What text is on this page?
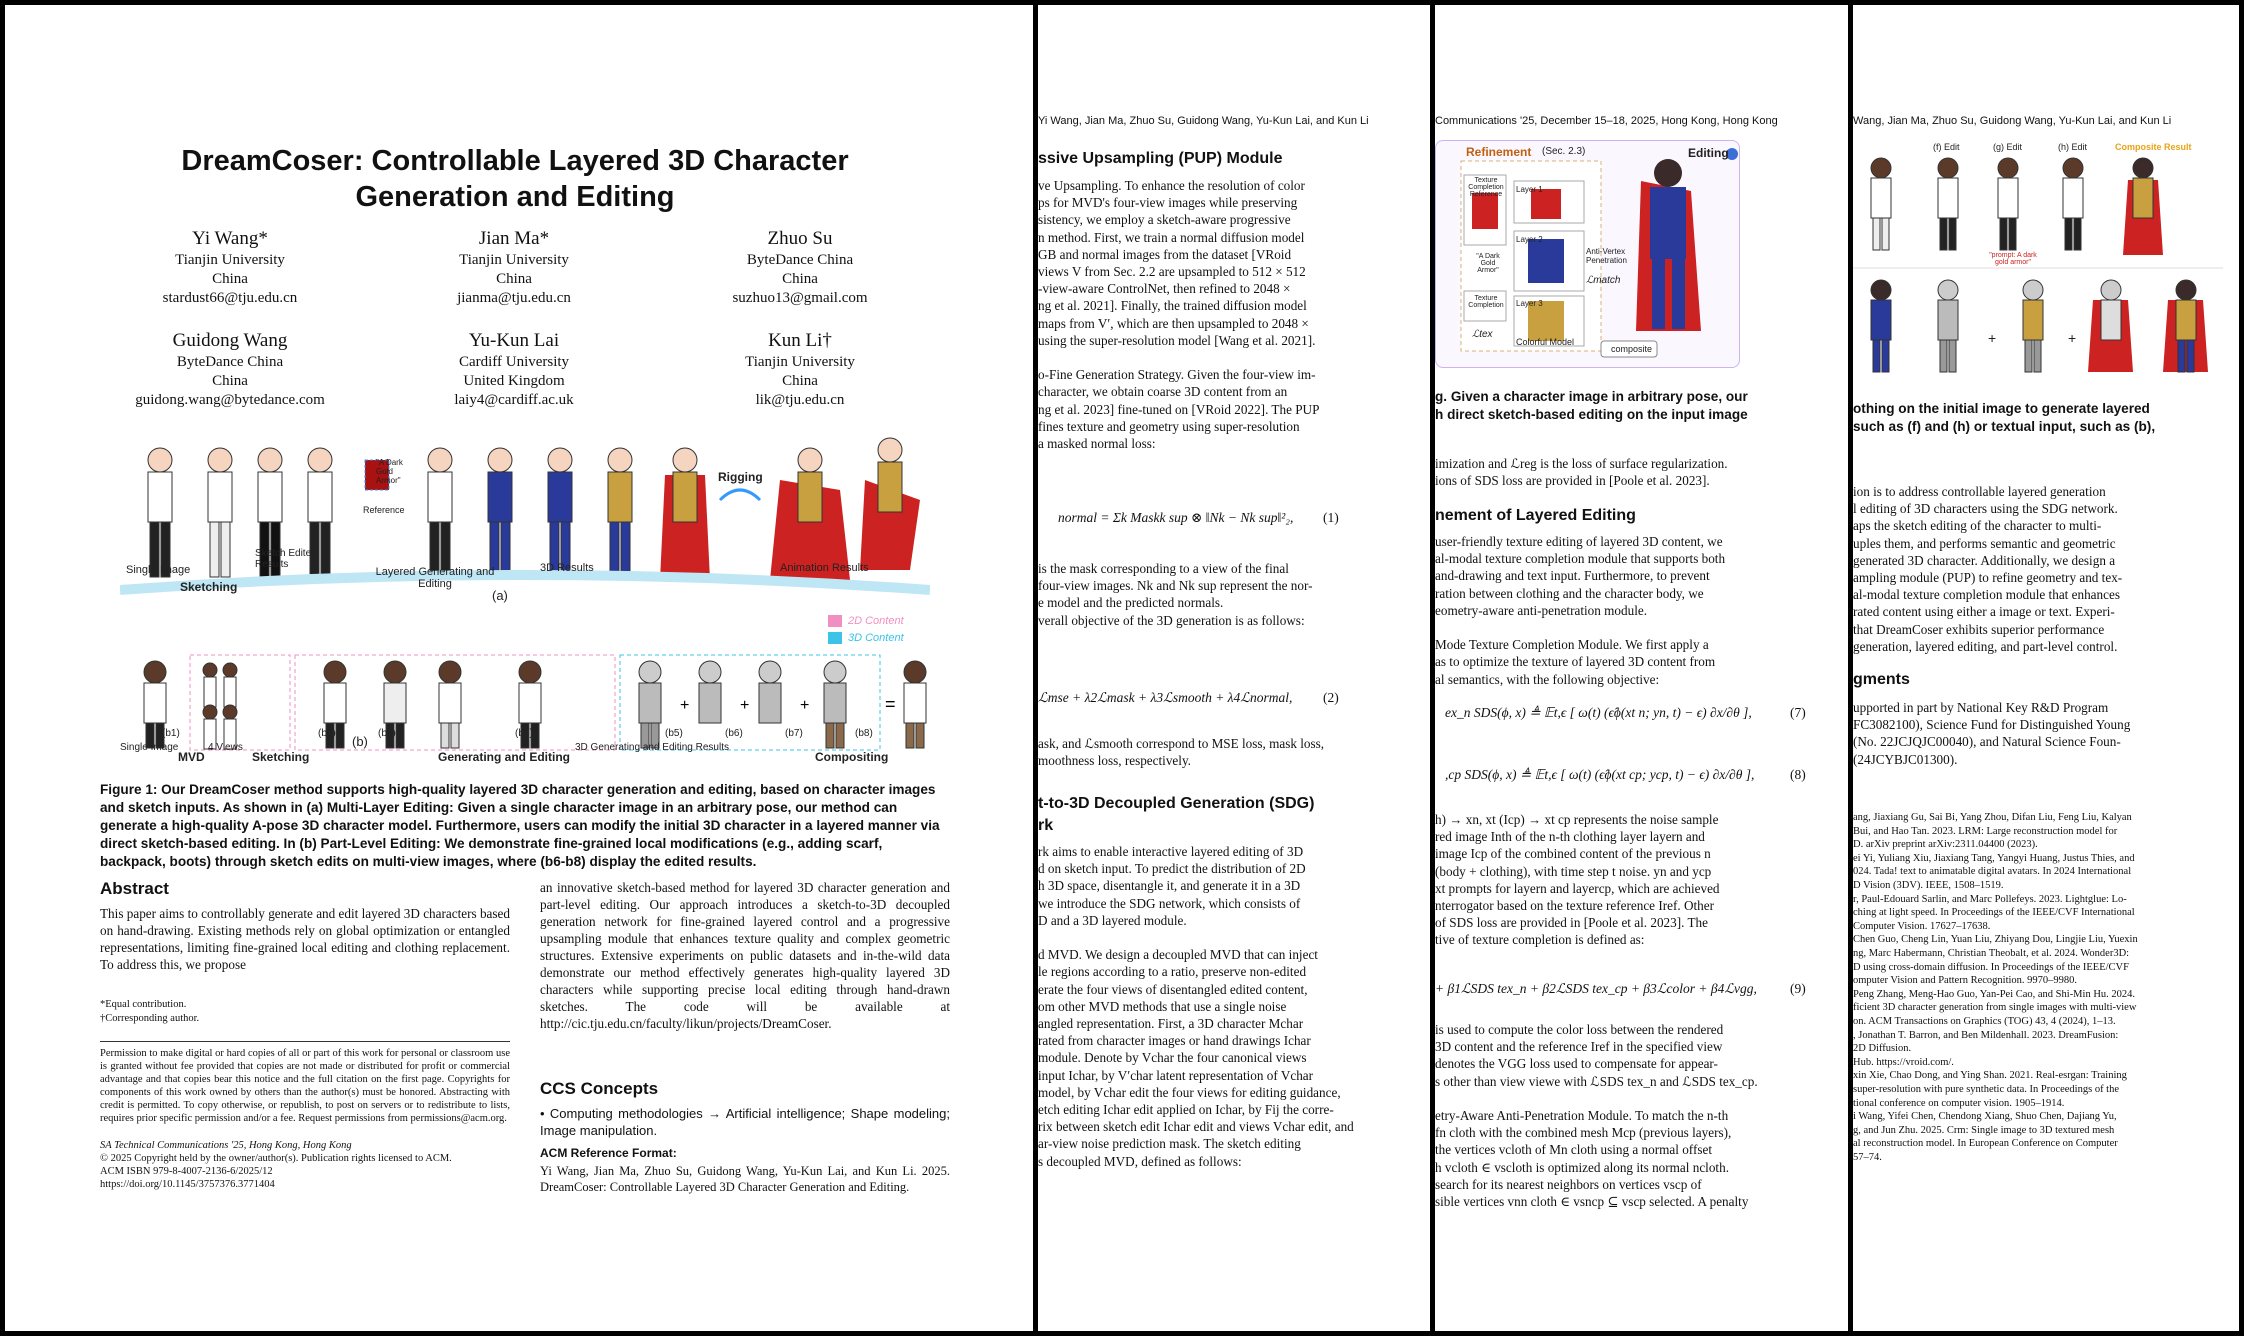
DreamCoser: Controllable Layered 3D Character Generation and Editing
Yi Wang*
Tianjin University
China
stardust66@tju.edu.cn
Jian Ma*
Tianjin University
China
jianma@tju.edu.cn
Zhuo Su
ByteDance China
China
suzhuo13@gmail.com
Guidong Wang
ByteDance China
China
guidong.wang@bytedance.com
Yu-Kun Lai
Cardiff University
United Kingdom
laiy4@cardiff.ac.uk
Kun Li†
Tianjin University
China
lik@tju.edu.cn
Single Image
Sketching
Sketch Edited Results
Reference
"A Dark Gold Armor"
Layered Generating and Editing
(a)
3D Results
Rigging
Animation Results
2D Content
3D Content
+	+	+	=
Single Image
MVD
4 Views
Sketching
(b)
Generating and Editing
3D Generating and Editing Results
Compositing
(b1)	(b2)	(b3)	(b4)	(b5)	(b6)	(b7)	(b8)
Figure 1: Our DreamCoser method supports high-quality layered 3D character generation and editing, based on character images and sketch inputs. As shown in (a) Multi-Layer Editing: Given a single character image in an arbitrary pose, our method can generate a high-quality A-pose 3D character model. Furthermore, users can modify the initial 3D character in a layered manner via direct sketch-based editing. In (b) Part-Level Editing: We demonstrate fine-grained local modifications (e.g., adding scarf, backpack, boots) through sketch edits on multi-view images, where (b6-b8) display the edited results.
Abstract
This paper aims to controllably generate and edit layered 3D characters based on hand-drawing. Existing methods rely on global optimization or entangled representations, limiting fine-grained local editing and clothing replacement. To address this, we propose
an innovative sketch-based method for layered 3D character generation and part-level editing. Our approach introduces a sketch-to-3D decoupled generation network for fine-grained layered control and a progressive upsampling module that enhances texture quality and complex geometric structures. Extensive experiments on public datasets and in-the-wild data demonstrate our method effectively generates high-quality layered 3D characters while supporting precise local editing through hand-drawn sketches. The code will be available at http://cic.tju.edu.cn/faculty/likun/projects/DreamCoser.
*Equal contribution.
†Corresponding author.
Permission to make digital or hard copies of all or part of this work for personal or classroom use is granted without fee provided that copies are not made or distributed for profit or commercial advantage and that copies bear this notice and the full citation on the first page. Copyrights for components of this work owned by others than the author(s) must be honored. Abstracting with credit is permitted. To copy otherwise, or republish, to post on servers or to redistribute to lists, requires prior specific permission and/or a fee. Request permissions from permissions@acm.org.
SA Technical Communications '25, Hong Kong, Hong Kong
© 2025 Copyright held by the owner/author(s). Publication rights licensed to ACM.
ACM ISBN 979-8-4007-2136-6/2025/12
https://doi.org/10.1145/3757376.3771404
CCS Concepts
• Computing methodologies → Artificial intelligence; Shape modeling; Image manipulation.
ACM Reference Format:
Yi Wang, Jian Ma, Zhuo Su, Guidong Wang, Yu-Kun Lai, and Kun Li. 2025. DreamCoser: Controllable Layered 3D Character Generation and Editing.
Yi Wang, Jian Ma, Zhuo Su, Guidong Wang, Yu-Kun Lai, and Kun Li
ssive Upsampling (PUP) Module
ve Upsampling. To enhance the resolution of color
ps for MVD's four-view images while preserving
sistency, we employ a sketch-aware progressive
n method. First, we train a normal diffusion model
GB and normal images from the dataset [VRoid
views V from Sec. 2.2 are upsampled to 512 × 512
-view-aware ControlNet, then refined to 2048 ×
ng et al. 2021]. Finally, the trained diffusion model
maps from V′, which are then upsampled to 2048 ×
using the super-resolution model [Wang et al. 2021].
o-Fine Generation Strategy. Given the four-view im-
character, we obtain coarse 3D content from an
ng et al. 2023] fine-tuned on [VRoid 2022]. The PUP
fines texture and geometry using super-resolution
a masked normal loss:
normal = Σk Maskk sup ⊗ ‖Nk − Nk sup‖²₂, (1)
is the mask corresponding to a view of the final
four-view images. Nk and Nk sup represent the nor-
e model and the predicted normals.
verall objective of the 3D generation is as follows:
ℒmse + λ2ℒmask + λ3ℒsmooth + λ4ℒnormal, (2)
ask, and ℒsmooth correspond to MSE loss, mask loss,
moothness loss, respectively.
t-to-3D Decoupled Generation (SDG)
rk
rk aims to enable interactive layered editing of 3D
d on sketch input. To predict the distribution of 2D
h 3D space, disentangle it, and generate it in a 3D
we introduce the SDG network, which consists of
D and a 3D layered module.
d MVD. We design a decoupled MVD that can inject
le regions according to a ratio, preserve non-edited
erate the four views of disentangled edited content,
om other MVD methods that use a single noise
angled representation. First, a 3D character Mchar
rated from character images or hand drawings Ichar
module. Denote by Vchar the four canonical views
input Ichar, by V′char latent representation of Vchar
model, by Vchar edit the four views for editing guidance,
etch editing Ichar edit applied on Ichar, by Fij the corre-
rix between sketch edit Ichar edit and views Vchar edit, and
ar-view noise prediction mask. The sketch editing
s decoupled MVD, defined as follows:
Communications '25, December 15–18, 2025, Hong Kong, Hong Kong
Refinement (Sec. 2.3)	Editing
Texture Completion Reference
"A Dark Gold Armor"
Layer 1
Layer 2
Layer 3
Anti-Vertex Penetration
ℒmatch
Texture Completion
Colorful Model
ℒtex
composite
g. Given a character image in arbitrary pose, our
h direct sketch-based editing on the input image
imization and ℒreg is the loss of surface regularization.
ions of SDS loss are provided in [Poole et al. 2023].
nement of Layered Editing
user-friendly texture editing of layered 3D content, we
al-modal texture completion module that supports both
and-drawing and text input. Furthermore, to prevent
ration between clothing and the character body, we
eometry-aware anti-penetration module.
Mode Texture Completion Module. We first apply a
as to optimize the texture of layered 3D content from
al semantics, with the following objective:
ex_n SDS(ϕ, x) ≜ 𝔼t,ϵ [ ω(t) (ϵ̂ϕ(xt n; yn, t) − ϵ) ∂x/∂θ ],	(7)
,cp SDS(ϕ, x) ≜ 𝔼t,ϵ [ ω(t) (ϵ̂ϕ(xt cp; ycp, t) − ϵ) ∂x/∂θ ],	(8)
h) → xn, xt (Icp) → xt cp represents the noise sample
red image Inth of the n-th clothing layer layern and
image Icp of the combined content of the previous n
(body + clothing), with time step t noise. yn and ycp
xt prompts for layern and layercp, which are achieved
nterrogator based on the texture reference Iref. Other
of SDS loss are provided in [Poole et al. 2023]. The
tive of texture completion is defined as:
+ β1ℒSDS tex_n + β2ℒSDS tex_cp + β3ℒcolor + β4ℒvgg, (9)
is used to compute the color loss between the rendered
3D content and the reference Iref in the specified view
denotes the VGG loss used to compensate for appear-
s other than view viewe with ℒSDS tex_n and ℒSDS tex_cp.
etry-Aware Anti-Penetration Module. To match the n-th
fn cloth with the combined mesh Mcp (previous layers),
the vertices vcloth of Mn cloth using a normal offset
h vcloth ∈ vscloth is optimized along its normal ncloth.
search for its nearest neighbors on vertices vscp of
sible vertices vnn cloth ∈ vsncp ⊆ vscp selected. A penalty
Wang, Jian Ma, Zhuo Su, Guidong Wang, Yu-Kun Lai, and Kun Li
(f) Edit	(g) Edit	(h) Edit	Composite Result
"prompt: A dark gold armor"
+	+
othing on the initial image to generate layered
such as (f) and (h) or textual input, such as (b),
ion is to address controllable layered generation
l editing of 3D characters using the SDG network.
aps the sketch editing of the character to multi-
uples them, and performs semantic and geometric
generated 3D character. Additionally, we design a
ampling module (PUP) to refine geometry and tex-
al-modal texture completion module that enhances
rated content using either a image or text. Experi-
that DreamCoser exhibits superior performance
generation, layered editing, and part-level control.
gments
upported in part by National Key R&D Program
FC3082100), Science Fund for Distinguished Young
(No. 22JCJQJC00040), and Natural Science Foun-
(24JCYBJC01300).
ang, Jiaxiang Gu, Sai Bi, Yang Zhou, Difan Liu, Feng Liu, Kalyan
Bui, and Hao Tan. 2023. LRM: Large reconstruction model for
D. arXiv preprint arXiv:2311.04400 (2023).
ei Yi, Yuliang Xiu, Jiaxiang Tang, Yangyi Huang, Justus Thies, and
024. Tada! text to animatable digital avatars. In 2024 International
D Vision (3DV). IEEE, 1508–1519.
r, Paul-Edouard Sarlin, and Marc Pollefeys. 2023. Lightglue: Lo-
ching at light speed. In Proceedings of the IEEE/CVF International
Computer Vision. 17627–17638.
Chen Guo, Cheng Lin, Yuan Liu, Zhiyang Dou, Lingjie Liu, Yuexin
ng, Marc Habermann, Christian Theobalt, et al. 2024. Wonder3D:
D using cross-domain diffusion. In Proceedings of the IEEE/CVF
omputer Vision and Pattern Recognition. 9970–9980.
Peng Zhang, Meng-Hao Guo, Yan-Pei Cao, and Shi-Min Hu. 2024.
ficient 3D character generation from single images with multi-view
on. ACM Transactions on Graphics (TOG) 43, 4 (2024), 1–13.
, Jonathan T. Barron, and Ben Mildenhall. 2023. DreamFusion:
2D Diffusion.
Hub. https://vroid.com/.
xin Xie, Chao Dong, and Ying Shan. 2021. Real-esrgan: Training
super-resolution with pure synthetic data. In Proceedings of the
tional conference on computer vision. 1905–1914.
i Wang, Yifei Chen, Chendong Xiang, Shuo Chen, Dajiang Yu,
g, and Jun Zhu. 2025. Crm: Single image to 3D textured mesh
al reconstruction model. In European Conference on Computer
57–74.
